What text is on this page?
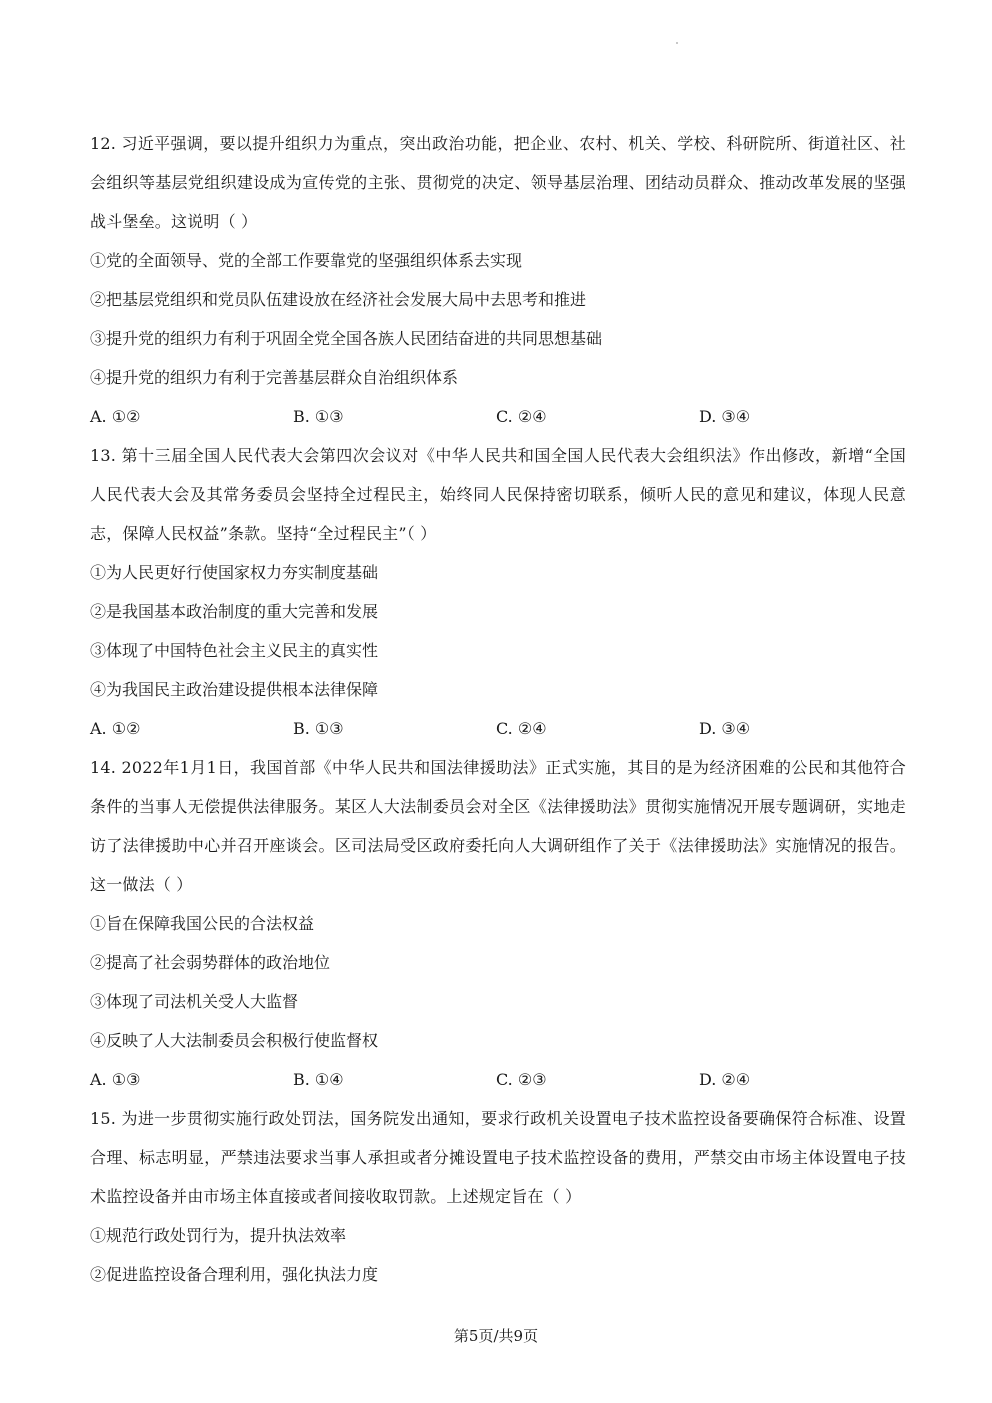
12. 习近平强调，要以提升组织力为重点，突出政治功能，把企业、农村、机关、学校、科研院所、街道社区、社会组织等基层党组织建设成为宣传党的主张、贯彻党的决定、领导基层治理、团结动员群众、推动改革发展的坚强战斗堡垒。这说明（ ）
①党的全面领导、党的全部工作要靠党的坚强组织体系去实现
②把基层党组织和党员队伍建设放在经济社会发展大局中去思考和推进
③提升党的组织力有利于巩固全党全国各族人民团结奋进的共同思想基础
④提升党的组织力有利于完善基层群众自治组织体系
A. ①②	B. ①③	C. ②④	D. ③④
13. 第十三届全国人民代表大会第四次会议对《中华人民共和国全国人民代表大会组织法》作出修改，新增“全国人民代表大会及其常务委员会坚持全过程民主，始终同人民保持密切联系，倾听人民的意见和建议，体现人民意志，保障人民权益”条款。坚持“全过程民主”（ ）
①为人民更好行使国家权力夯实制度基础
②是我国基本政治制度的重大完善和发展
③体现了中国特色社会主义民主的真实性
④为我国民主政治建设提供根本法律保障
A. ①②	B. ①③	C. ②④	D. ③④
14. 2022年1月1日，我国首部《中华人民共和国法律援助法》正式实施，其目的是为经济困难的公民和其他符合条件的当事人无偿提供法律服务。某区人大法制委员会对全区《法律援助法》贯彻实施情况开展专题调研，实地走访了法律援助中心并召开座谈会。区司法局受区政府委托向人大调研组作了关于《法律援助法》实施情况的报告。这一做法（ ）
①旨在保障我国公民的合法权益
②提高了社会弱势群体的政治地位
③体现了司法机关受人大监督
④反映了人大法制委员会积极行使监督权
A. ①③	B. ①④	C. ②③	D. ②④
15. 为进一步贯彻实施行政处罚法，国务院发出通知，要求行政机关设置电子技术监控设备要确保符合标准、设置合理、标志明显，严禁违法要求当事人承担或者分摊设置电子技术监控设备的费用，严禁交由市场主体设置电子技术监控设备并由市场主体直接或者间接收取罚款。上述规定旨在（ ）
①规范行政处罚行为，提升执法效率
②促进监控设备合理利用，强化执法力度
第5页/共9页
